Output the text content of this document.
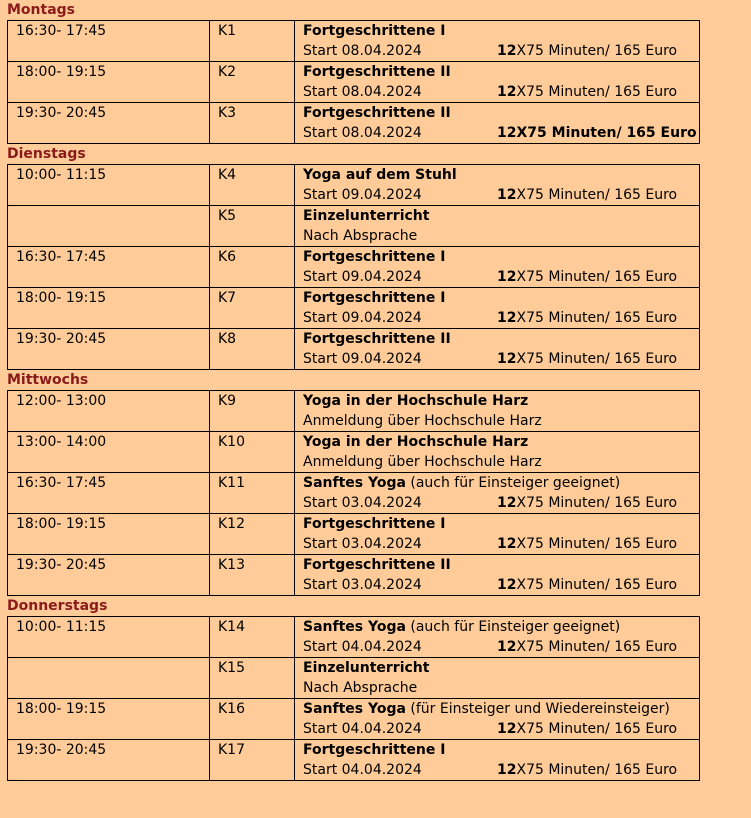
Montags
16:30- 17:45	K1	Fortgeschrittene I
Start 08.04.2024 12X75 Minuten/ 165 Euro

18:00- 19:15	K2	Fortgeschrittene II
Start 08.04.2024 12X75 Minuten/ 165 Euro

19:30- 20:45	K3	Fortgeschrittene II
Start 08.04.2024 12X75 Minuten/ 165 Euro
Dienstags
10:00- 11:15	K4	Yoga auf dem Stuhl
Start 09.04.2024 12X75 Minuten/ 165 Euro

	K5	Einzelunterricht
Nach Absprache

16:30- 17:45	K6	Fortgeschrittene I
Start 09.04.2024 12X75 Minuten/ 165 Euro

18:00- 19:15	K7	Fortgeschrittene I
Start 09.04.2024 12X75 Minuten/ 165 Euro

19:30- 20:45	K8	Fortgeschrittene II
Start 09.04.2024 12X75 Minuten/ 165 Euro
Mittwochs
12:00- 13:00	K9	Yoga in der Hochschule Harz
Anmeldung über Hochschule Harz

13:00- 14:00	K10	Yoga in der Hochschule Harz
Anmeldung über Hochschule Harz

16:30- 17:45	K11	Sanftes Yoga (auch für Einsteiger geeignet)
Start 03.04.2024 12X75 Minuten/ 165 Euro

18:00- 19:15	K12	Fortgeschrittene I
Start 03.04.2024 12X75 Minuten/ 165 Euro

19:30- 20:45	K13	Fortgeschrittene II
Start 03.04.2024 12X75 Minuten/ 165 Euro
Donnerstags
10:00- 11:15	K14	Sanftes Yoga (auch für Einsteiger geeignet)
Start 04.04.2024 12X75 Minuten/ 165 Euro

	K15	Einzelunterricht
Nach Absprache

18:00- 19:15	K16	Sanftes Yoga (für Einsteiger und Wiedereinsteiger)
Start 04.04.2024 12X75 Minuten/ 165 Euro

19:30- 20:45	K17	Fortgeschrittene I
Start 04.04.2024 12X75 Minuten/ 165 Euro
